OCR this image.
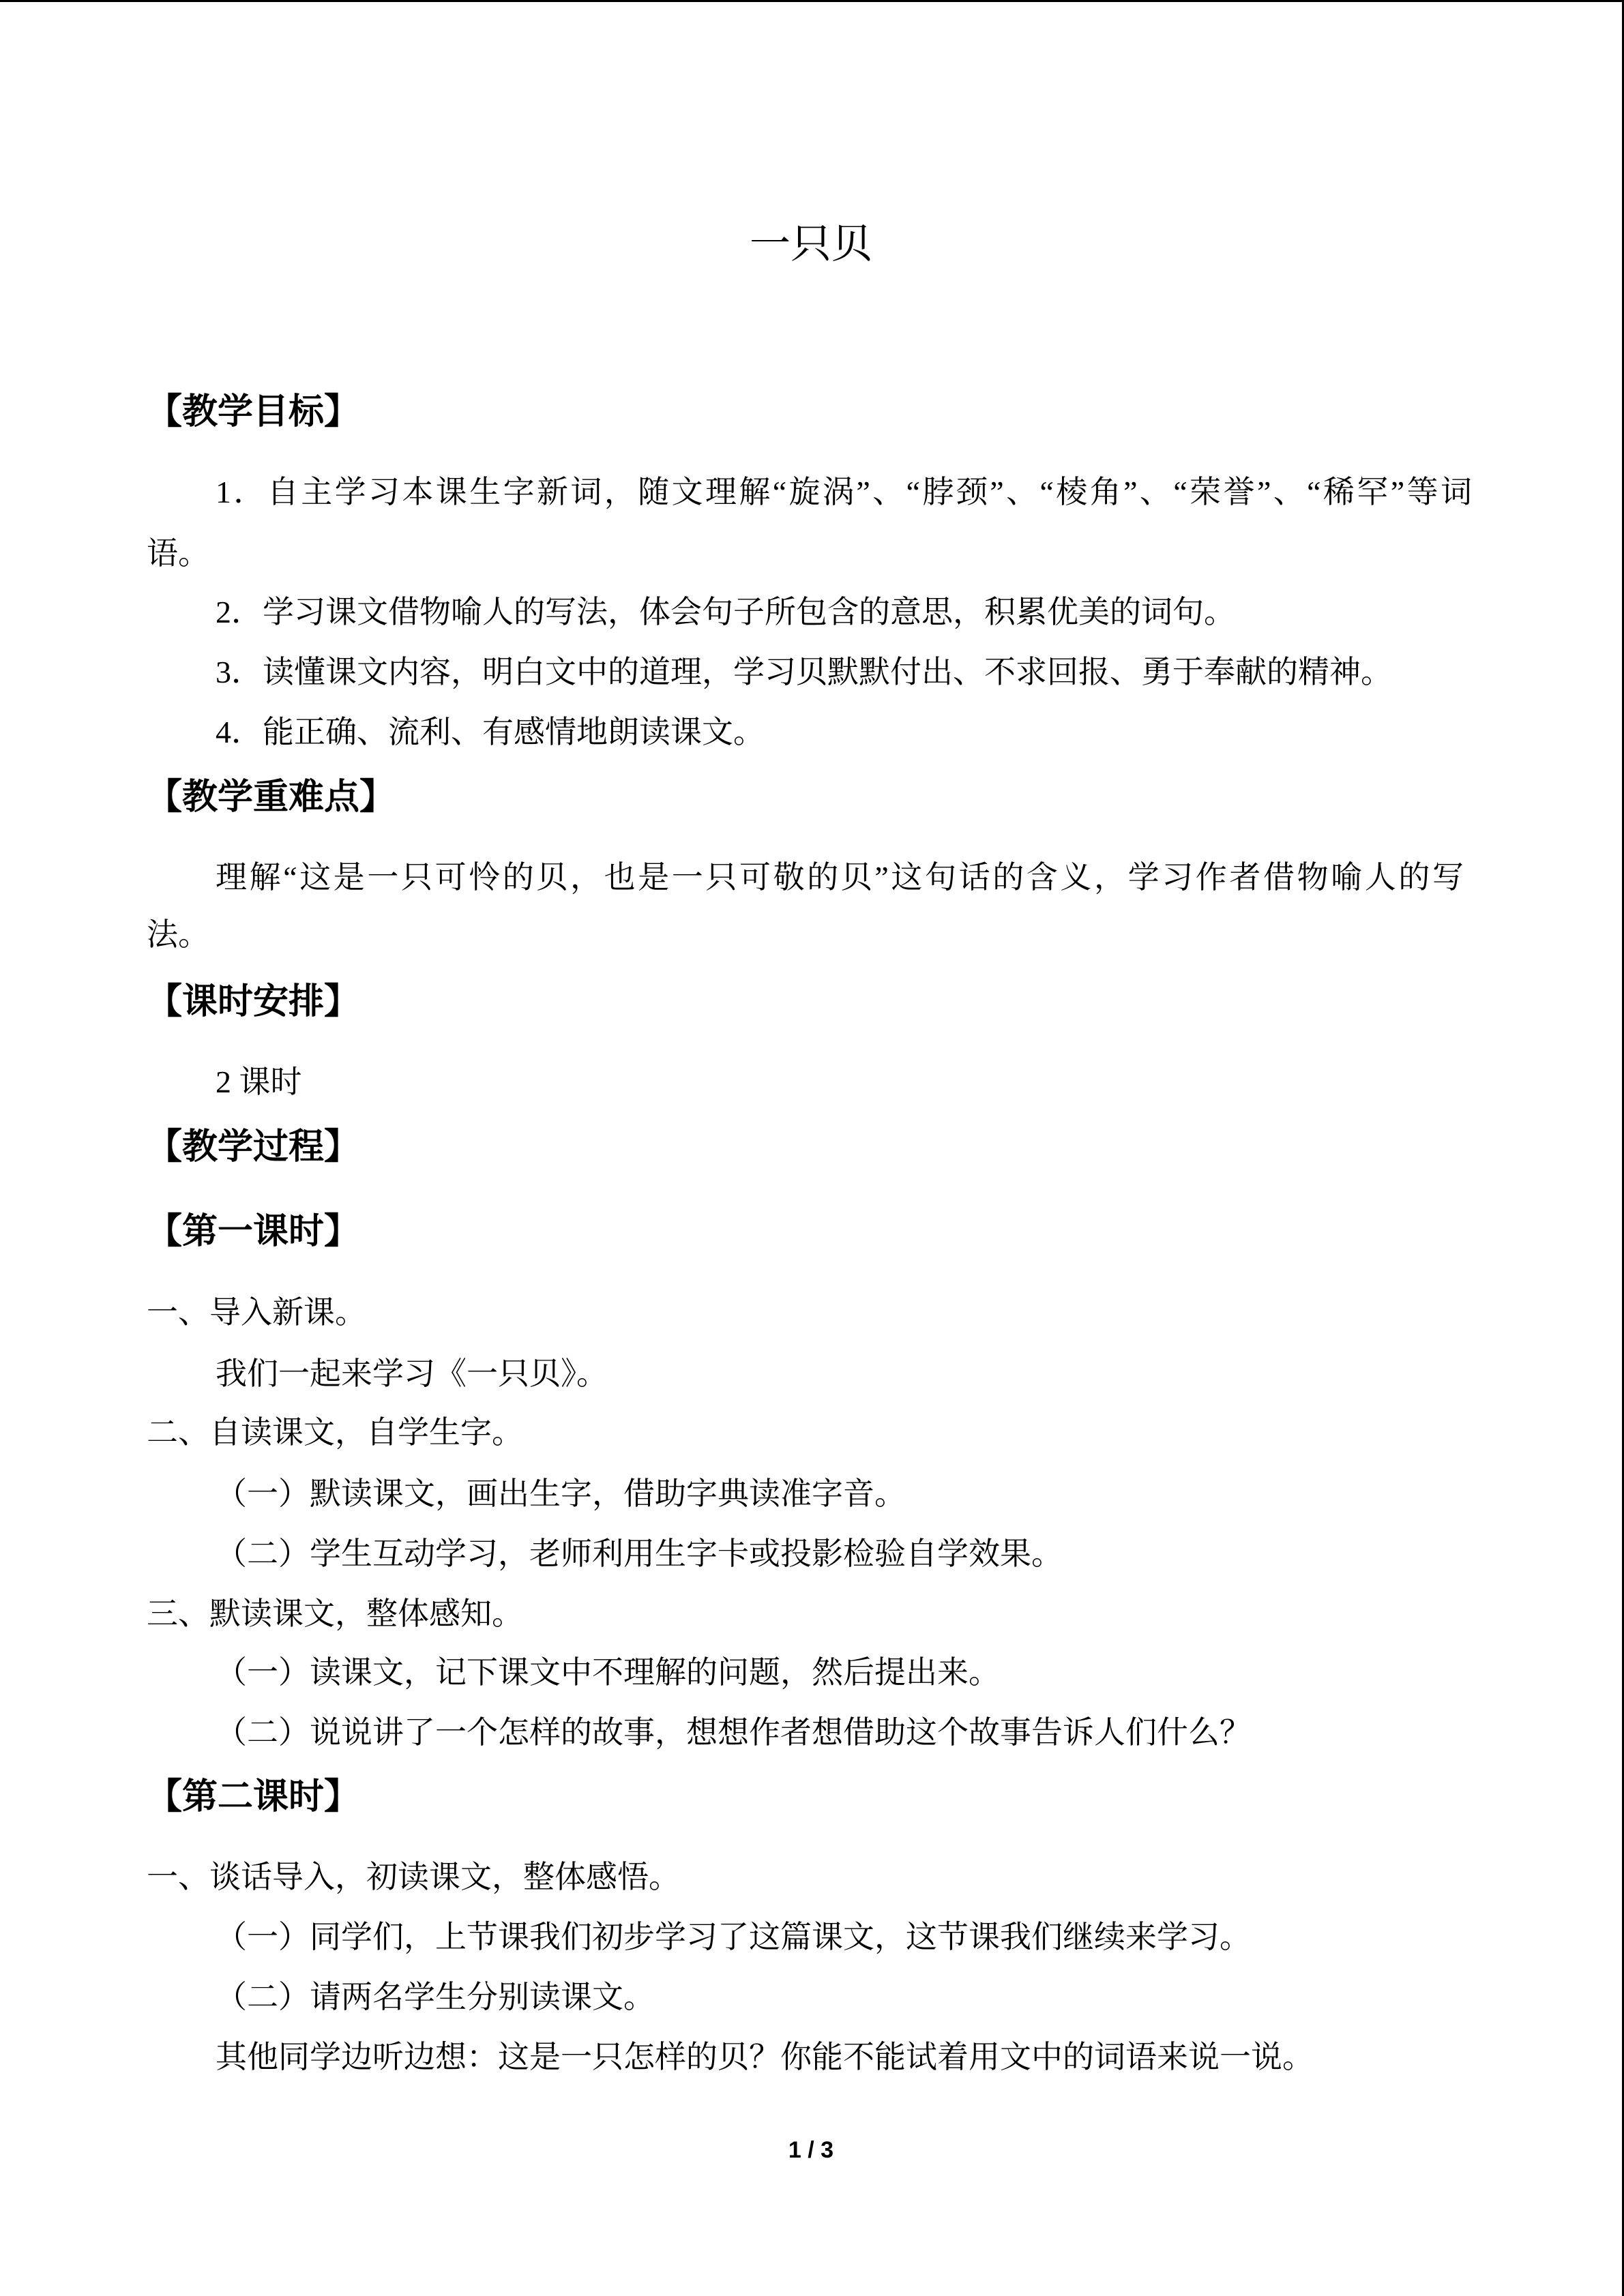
一只贝
【教学目标】
1．自主学习本课生字新词，随文理解“旋涡”、“脖颈”、“棱角”、“荣誉”、“稀罕”等词
语。
2．学习课文借物喻人的写法，体会句子所包含的意思，积累优美的词句。
3．读懂课文内容，明白文中的道理，学习贝默默付出、不求回报、勇于奉献的精神。
4．能正确、流利、有感情地朗读课文。
【教学重难点】
理解“这是一只可怜的贝，也是一只可敬的贝”这句话的含义，学习作者借物喻人的写
法。
【课时安排】
2 课时
【教学过程】
【第一课时】
一、导入新课。
我们一起来学习《一只贝》。
二、自读课文，自学生字。
（一）默读课文，画出生字，借助字典读准字音。
（二）学生互动学习，老师利用生字卡或投影检验自学效果。
三、默读课文，整体感知。
（一）读课文，记下课文中不理解的问题，然后提出来。
（二）说说讲了一个怎样的故事，想想作者想借助这个故事告诉人们什么？
【第二课时】
一、谈话导入，初读课文，整体感悟。
（一）同学们，上节课我们初步学习了这篇课文，这节课我们继续来学习。
（二）请两名学生分别读课文。
其他同学边听边想：这是一只怎样的贝？你能不能试着用文中的词语来说一说。
1 / 3
